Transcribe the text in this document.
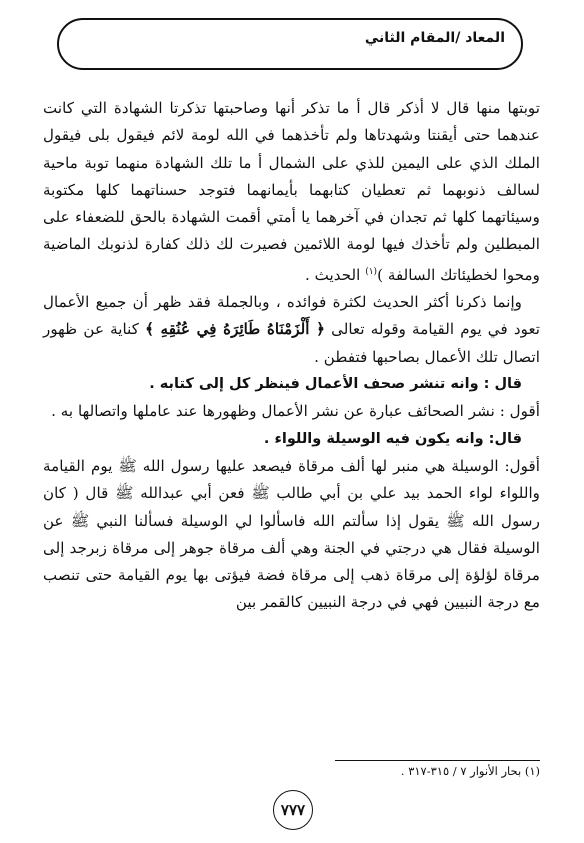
المعاد /المقام الثاني

توبتها منها قال لا أذكر قال أ ما تذكر أنها وصاحبتها تذكرتا الشهادة التي كانت عندهما حتى أيقنتا وشهدتاها ولم تأخذهما في الله لومة لائم فيقول بلى فيقول الملك الذي على اليمين للذي على الشمال أ ما تلك الشهادة منهما توبة ماحية لسالف ذنوبهما ثم تعطيان كتابهما بأيمانهما فتوجد حسناتهما كلها مكتوبة وسيئاتهما كلها ثم تجدان في آخرهما يا أمتي أقمت الشهادة بالحق للضعفاء على المبطلين ولم تأخذك فيها لومة اللائمين فصيرت لك ذلك كفارة لذنوبك الماضية ومحوا لخطيئاتك السالفة )$^{(١)}$ الحديث .

وإنما ذكرنا أكثر الحديث لكثرة فوائده ، وبالجملة فقد ظهر أن جميع الأعمال تعود في يوم القيامة وقوله تعالى ﴿ أَلْزَمْنَاهُ طَائِرَهُ فِي عُنُقِهِ ﴾ كناية عن ظهور اتصال تلك الأعمال بصاحبها فتفطن .

قال : وانه تنشر صحف الأعمال فينظر كل إلى كتابه .

أقول : نشر الصحائف عبارة عن نشر الأعمال وظهورها عند عاملها واتصالها به .

قال: وانه يكون فيه الوسيلة واللواء .

أقول: الوسيلة هي منبر لها ألف مرقاة فيصعد عليها رسول الله ﷺ يوم القيامة واللواء لواء الحمد بيد علي بن أبي طالب ﷺ فعن أبي عبدالله ﷺ قال ( كان رسول الله ﷺ يقول إذا سألتم الله فاسألوا لي الوسيلة فسألنا النبي ﷺ عن الوسيلة فقال هي درجتي في الجنة وهي ألف مرقاة جوهر إلى مرقاة زبرجد إلى مرقاة لؤلؤة إلى مرقاة ذهب إلى مرقاة فضة فيؤتى بها يوم القيامة حتى تنصب مع درجة النبيين فهي في درجة النبيين كالقمر بين

(١) بحار الأنوار ٧ / ٣١٥-٣١٧ .
٧٧٧
